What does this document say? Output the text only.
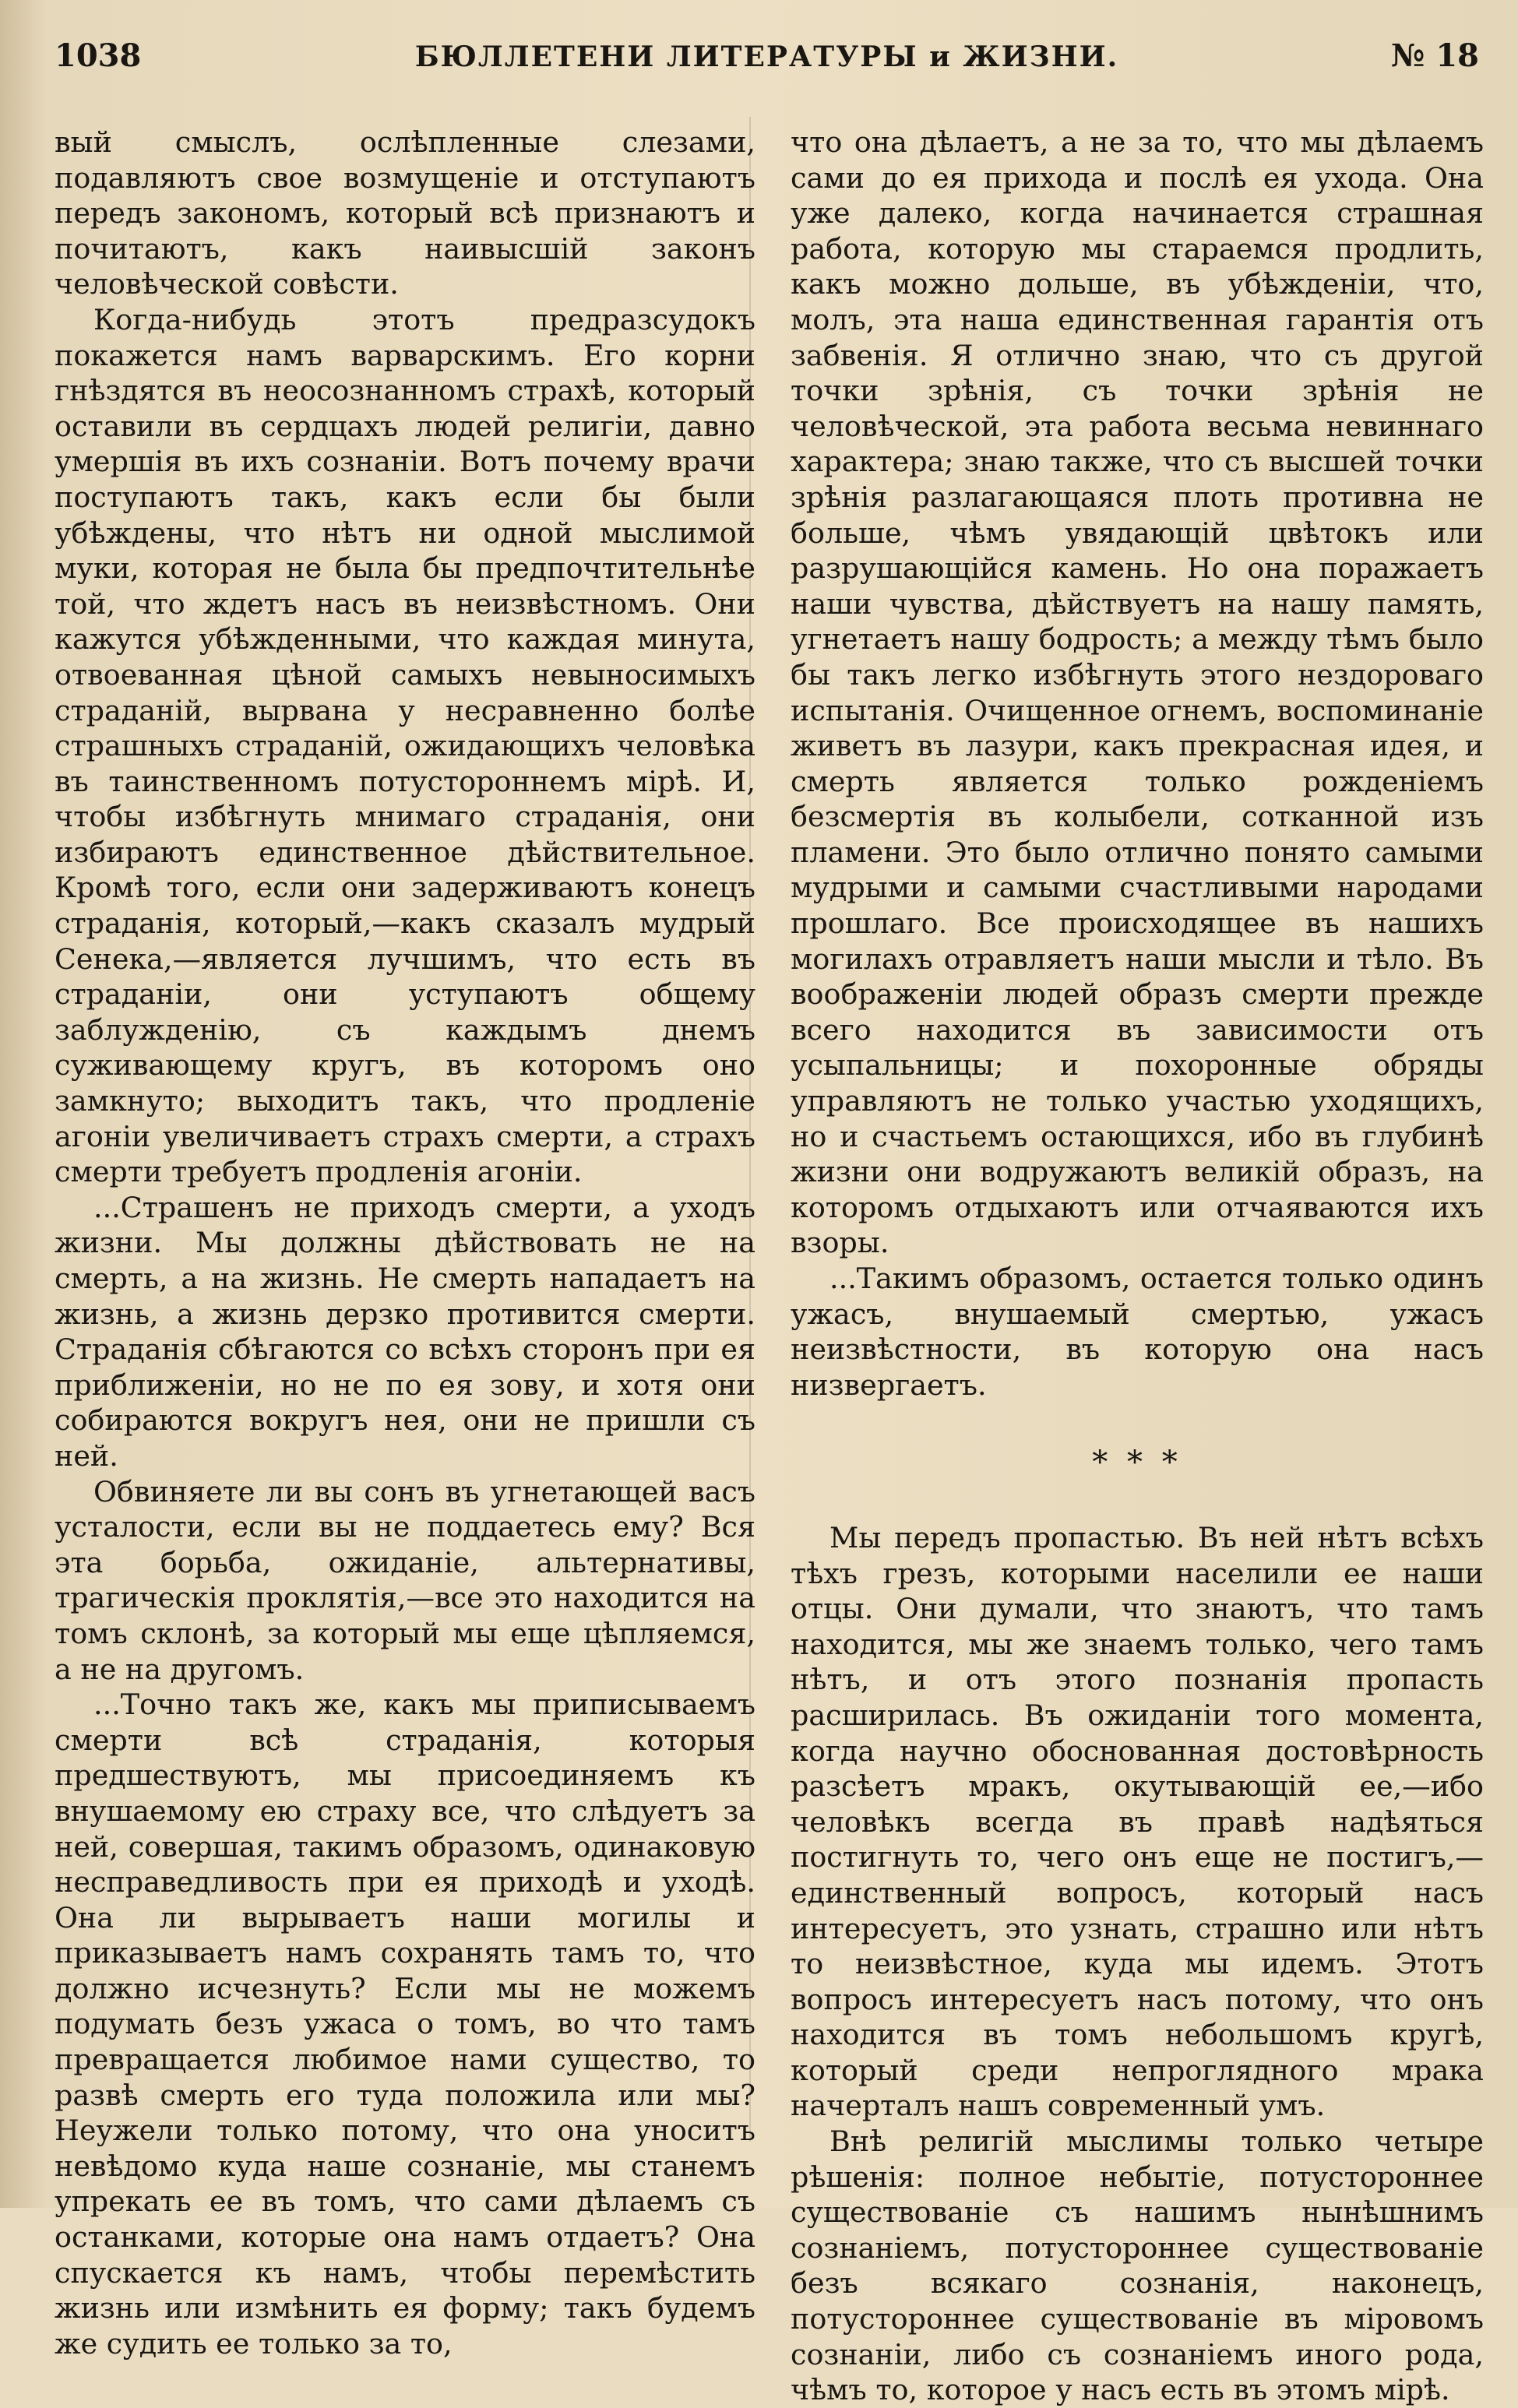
1038	БЮЛЛЕТЕНИ ЛИТЕРАТУРЫ и ЖИЗНИ.	№ 18

вый смыслъ, ослѣпленные слезами, подавляютъ свое возмущеніе и отступаютъ передъ закономъ, который всѣ признаютъ и почитаютъ, какъ наивысшій законъ человѣческой совѣсти.

Когда-нибудь этотъ предразсудокъ покажется намъ варварскимъ. Его корни гнѣздятся въ неосознанномъ страхѣ, который оставили въ сердцахъ людей религіи, давно умершія въ ихъ сознаніи. Вотъ почему врачи поступаютъ такъ, какъ если бы были убѣждены, что нѣтъ ни одной мыслимой муки, которая не была бы предпочтительнѣе той, что ждетъ насъ въ неизвѣстномъ. Они кажутся убѣжденными, что каждая минута, отвоеванная цѣной самыхъ невыносимыхъ страданій, вырвана у несравненно болѣе страшныхъ страданій, ожидающихъ человѣка въ таинственномъ потустороннемъ мірѣ. И, чтобы избѣгнуть мнимаго страданія, они избираютъ единственное дѣйствительное. Кромѣ того, если они задерживаютъ конецъ страданія, который,—какъ сказалъ мудрый Сенека,—является лучшимъ, что есть въ страданіи, они уступаютъ общему заблужденію, съ каждымъ днемъ суживающему кругъ, въ которомъ оно замкнуто; выходитъ такъ, что продленіе агоніи увеличиваетъ страхъ смерти, а страхъ смерти требуетъ продленія агоніи.

...Страшенъ не приходъ смерти, а уходъ жизни. Мы должны дѣйствовать не на смерть, а на жизнь. Не смерть нападаетъ на жизнь, а жизнь дерзко противится смерти. Страданія сбѣгаются со всѣхъ сторонъ при ея приближеніи, но не по ея зову, и хотя они собираются вокругъ нея, они не пришли съ ней.

Обвиняете ли вы сонъ въ угнетающей васъ усталости, если вы не поддаетесь ему? Вся эта борьба, ожиданіе, альтернативы, трагическія проклятія,—все это находится на томъ склонѣ, за который мы еще цѣпляемся, а не на другомъ.

...Точно такъ же, какъ мы приписываемъ смерти всѣ страданія, которыя предшествуютъ, мы присоединяемъ къ внушаемому ею страху все, что слѣдуетъ за ней, совершая, такимъ образомъ, одинаковую несправедливость при ея приходѣ и уходѣ. Она ли вырываетъ наши могилы и приказываетъ намъ сохранять тамъ то, что должно исчезнуть? Если мы не можемъ подумать безъ ужаса о томъ, во что тамъ превращается любимое нами существо, то развѣ смерть его туда положила или мы? Неужели только потому, что она уноситъ невѣдомо куда наше сознаніе, мы станемъ упрекать ее въ томъ, что сами дѣлаемъ съ останками, которые она намъ отдаетъ? Она спускается къ намъ, чтобы перемѣстить жизнь или измѣнить ея форму; такъ будемъ же судить ее только за то,

что она дѣлаетъ, а не за то, что мы дѣлаемъ сами до ея прихода и послѣ ея ухода. Она уже далеко, когда начинается страшная работа, которую мы стараемся продлить, какъ можно дольше, въ убѣжденіи, что, молъ, эта наша единственная гарантія отъ забвенія. Я отлично знаю, что съ другой точки зрѣнія, съ точки зрѣнія не человѣческой, эта работа весьма невиннаго характера; знаю также, что съ высшей точки зрѣнія разлагающаяся плоть противна не больше, чѣмъ увядающій цвѣтокъ или разрушающійся камень. Но она поражаетъ наши чувства, дѣйствуетъ на нашу память, угнетаетъ нашу бодрость; а между тѣмъ было бы такъ легко избѣгнуть этого нездороваго испытанія. Очищенное огнемъ, воспоминаніе живетъ въ лазури, какъ прекрасная идея, и смерть является только рожденіемъ безсмертія въ колыбели, сотканной изъ пламени. Это было отлично понято самыми мудрыми и самыми счастливыми народами прошлаго. Все происходящее въ нашихъ могилахъ отравляетъ наши мысли и тѣло. Въ воображеніи людей образъ смерти прежде всего находится въ зависимости отъ усыпальницы; и похоронные обряды управляютъ не только участью уходящихъ, но и счастьемъ остающихся, ибо въ глубинѣ жизни они водружаютъ великій образъ, на которомъ отдыхаютъ или отчаяваются ихъ взоры.

...Такимъ образомъ, остается только одинъ ужасъ, внушаемый смертью, ужасъ неизвѣстности, въ которую она насъ низвергаетъ.

* * *

Мы передъ пропастью. Въ ней нѣтъ всѣхъ тѣхъ грезъ, которыми населили ее наши отцы. Они думали, что знаютъ, что тамъ находится, мы же знаемъ только, чего тамъ нѣтъ, и отъ этого познанія пропасть расширилась. Въ ожиданіи того момента, когда научно обоснованная достовѣрность разсѣетъ мракъ, окутывающій ее,—ибо человѣкъ всегда въ правѣ надѣяться постигнуть то, чего онъ еще не постигъ,—единственный вопросъ, который насъ интересуетъ, это узнать, страшно или нѣтъ то неизвѣстное, куда мы идемъ. Этотъ вопросъ интересуетъ насъ потому, что онъ находится въ томъ небольшомъ кругѣ, который среди непроглядного мрака начерталъ нашъ современный умъ.

Внѣ религій мыслимы только четыре рѣшенія: полное небытіе, потустороннее существованіе съ нашимъ нынѣшнимъ сознаніемъ, потустороннее существованіе безъ всякаго сознанія, наконецъ, потустороннее существованіе въ міровомъ сознаніи, либо съ сознаніемъ иного рода, чѣмъ то, которое у насъ есть въ этомъ мірѣ.
